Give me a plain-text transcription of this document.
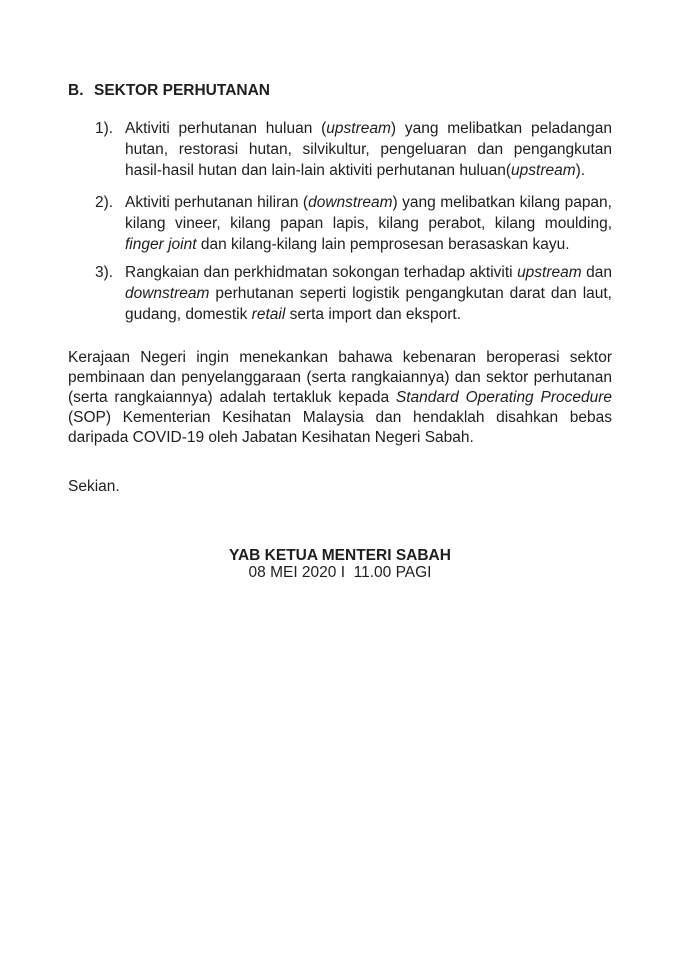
B. SEKTOR PERHUTANAN
1). Aktiviti perhutanan huluan (upstream) yang melibatkan peladangan hutan, restorasi hutan, silvikultur, pengeluaran dan pengangkutan hasil-hasil hutan dan lain-lain aktiviti perhutanan huluan(upstream).
2). Aktiviti perhutanan hiliran (downstream) yang melibatkan kilang papan, kilang vineer, kilang papan lapis, kilang perabot, kilang moulding, finger joint dan kilang-kilang lain pemprosesan berasaskan kayu.
3). Rangkaian dan perkhidmatan sokongan terhadap aktiviti upstream dan downstream perhutanan seperti logistik pengangkutan darat dan laut, gudang, domestik retail serta import dan eksport.

Kerajaan Negeri ingin menekankan bahawa kebenaran beroperasi sektor pembinaan dan penyelanggaraan (serta rangkaiannya) dan sektor perhutanan (serta rangkaiannya) adalah tertakluk kepada Standard Operating Procedure (SOP) Kementerian Kesihatan Malaysia dan hendaklah disahkan bebas daripada COVID-19 oleh Jabatan Kesihatan Negeri Sabah.

Sekian.

YAB KETUA MENTERI SABAH
08 MEI 2020 I  11.00 PAGI
